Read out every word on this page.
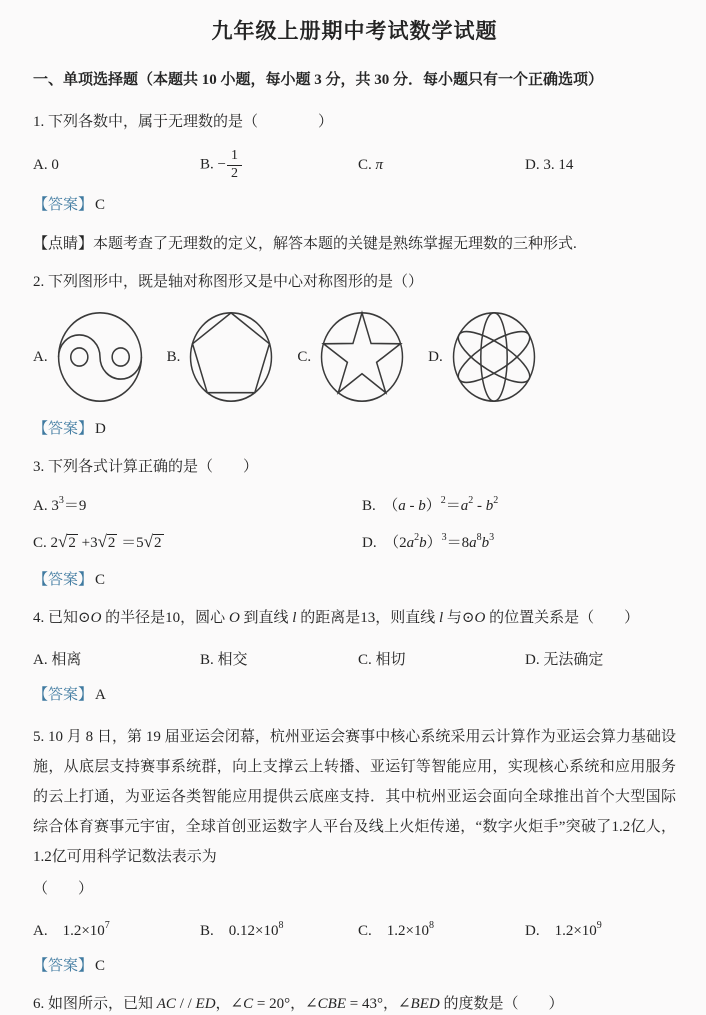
九年级上册期中考试数学试题
一、单项选择题（本题共 10 小题，每小题 3 分，共 30 分．每小题只有一个正确选项）
1. 下列各数中，属于无理数的是（　　　　）
A. 0	B. − $\frac{1}{2}$	C. π	D. 3. 14
【答案】 C
【点睛】本题考查了无理数的定义，解答本题的关键是熟练掌握无理数的三种形式.
2. 下列图形中，既是轴对称图形又是中心对称图形的是（）
A.	B.	C.	D.
【答案】 D
3. 下列各式计算正确的是（　　）
A. $3^3=9$	B.　$(a - b)^2=a^2 - b^2$
C. 2√2 +3√2 ＝5√2	D.　$(2a^2b)^3=8a^8b^3$
【答案】 C
4. 已知⊙O 的半径是10，圆心 O 到直线 l 的距离是13，则直线 l 与⊙O 的位置关系是（　　）
A. 相离	B. 相交	C. 相切	D. 无法确定
【答案】 A
5. 10 月 8 日，第 19 届亚运会闭幕，杭州亚运会赛事中核心系统采用云计算作为亚运会算力基础设施，从底层支持赛事系统群，向上支撑云上转播、亚运钉等智能应用，实现核心系统和应用服务的云上打通，为亚运各类智能应用提供云底座支持．其中杭州亚运会面向全球推出首个大型国际综合体育赛事元宇宙，全球首创亚运数字人平台及线上火炬传递，“数字火炬手”突破了1.2亿人，1.2亿可用科学记数法表示为
（　　）
A.　$1.2\times 10^7$	B.　$0.12\times 10^8$	C.　$1.2\times 10^8$	D.　$1.2\times 10^9$
【答案】 C
6. 如图所示，已知 AC / / ED，∠C = 20°，∠CBE = 43°，∠BED 的度数是（　　）
